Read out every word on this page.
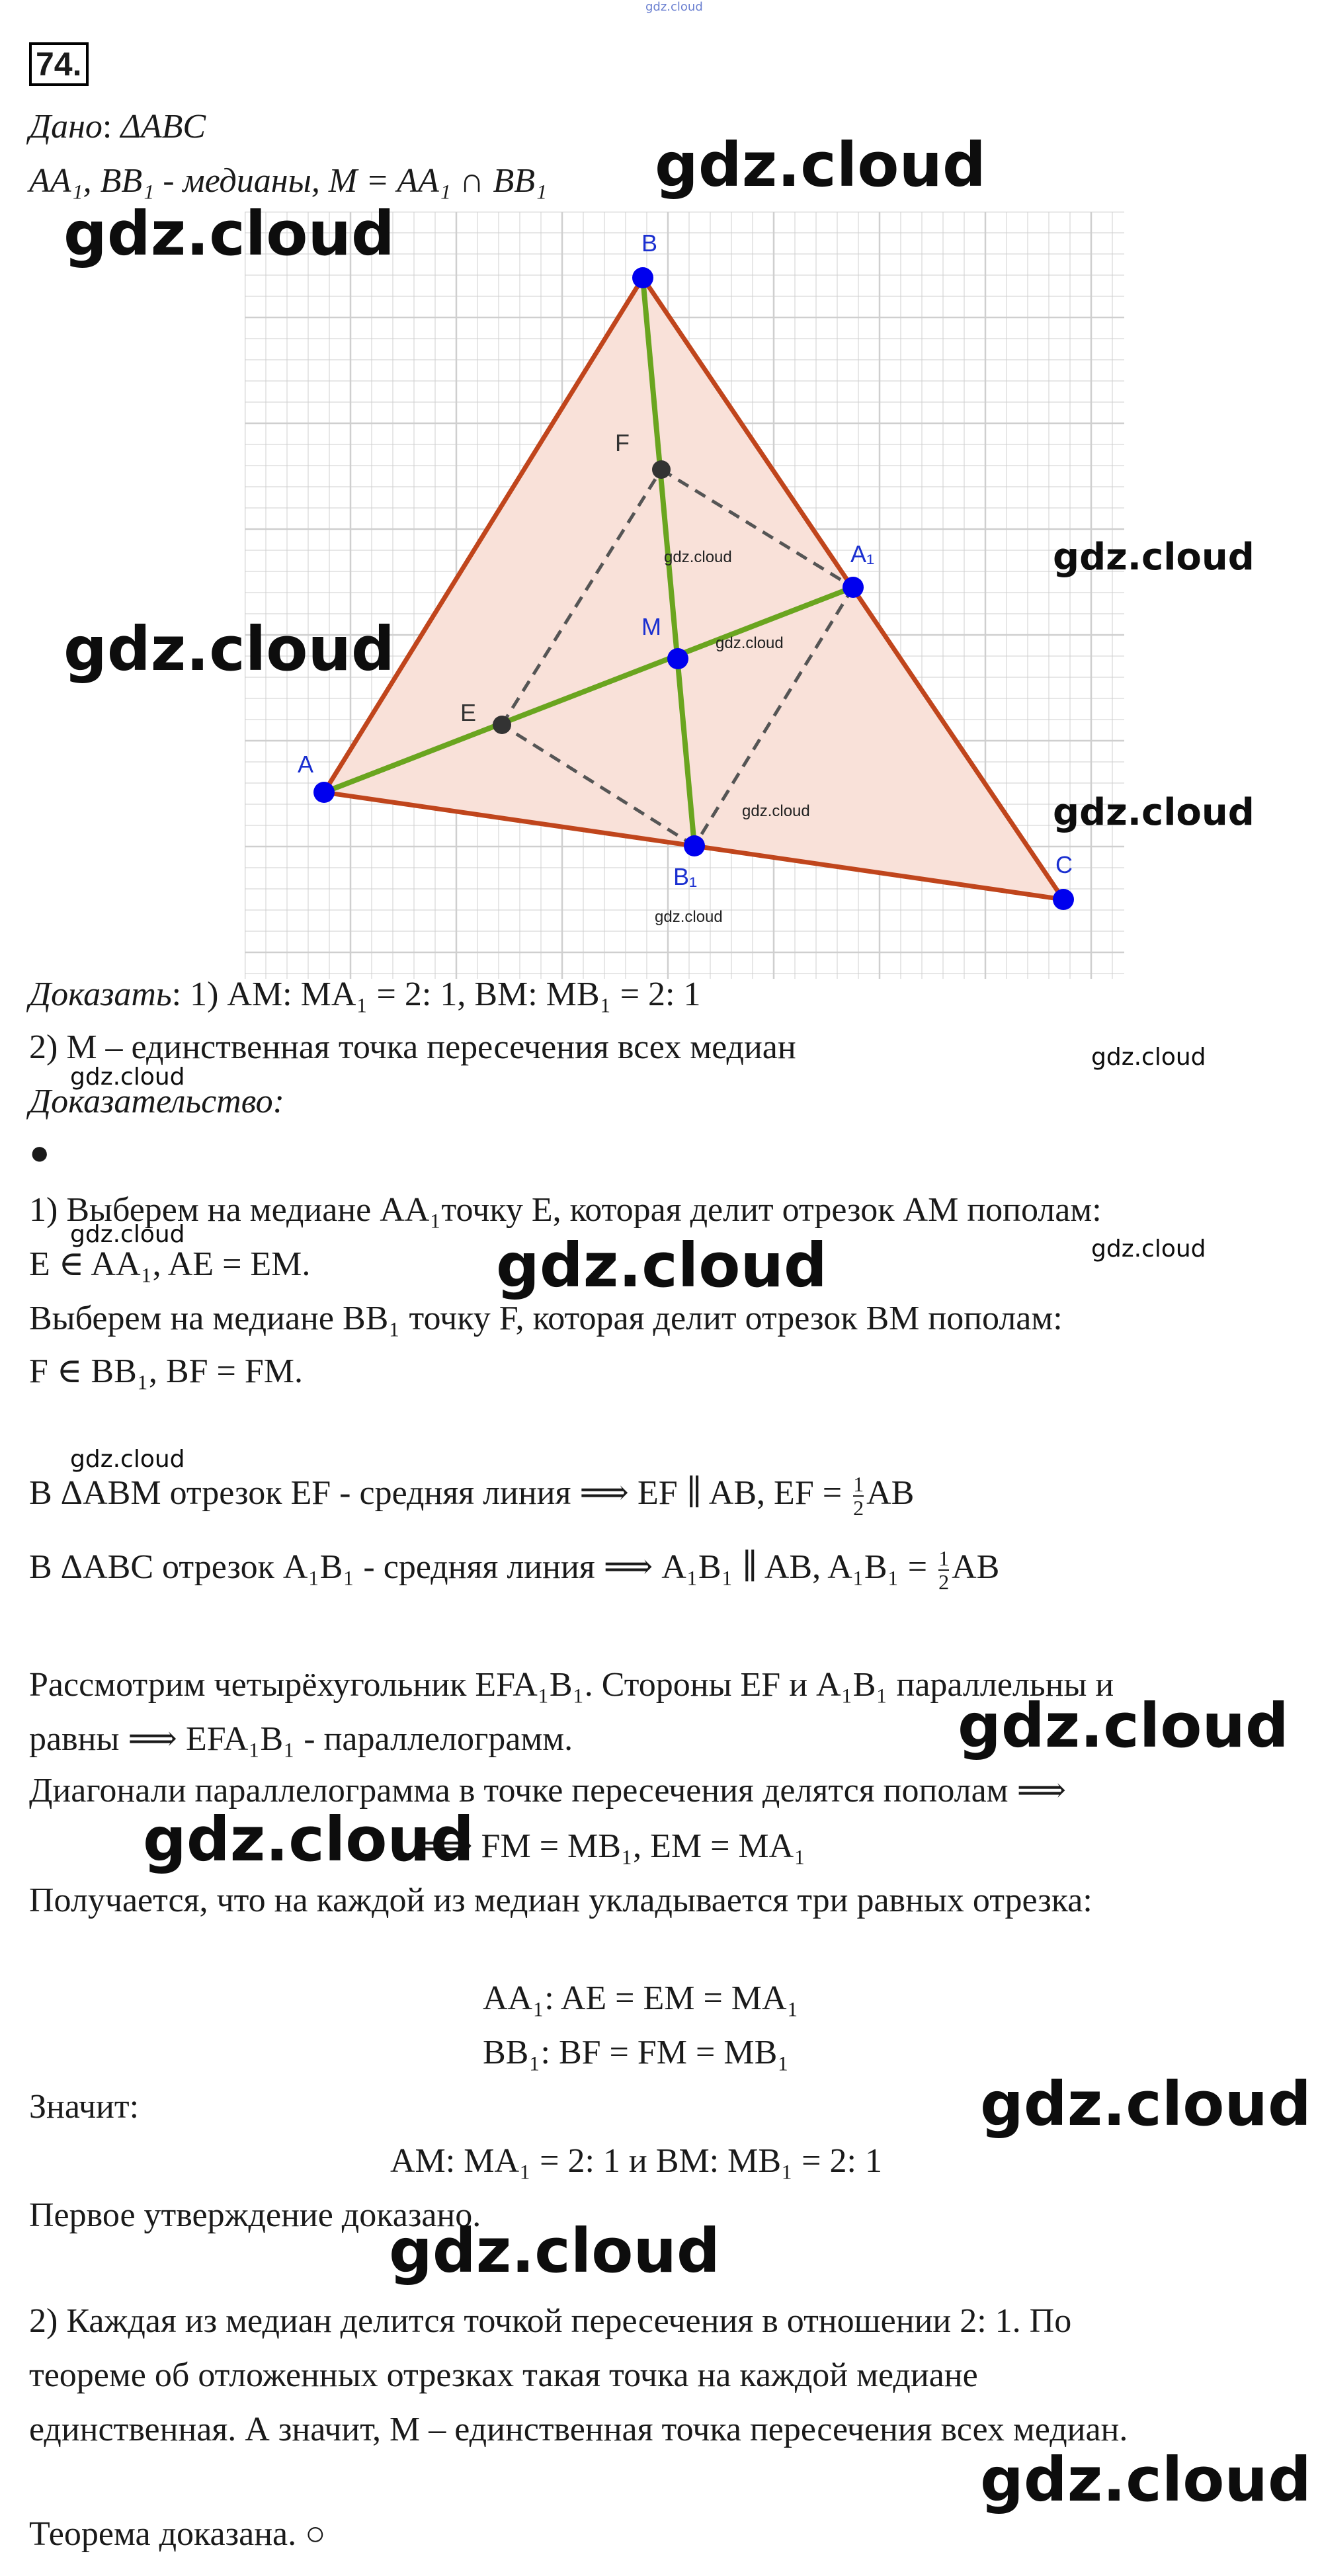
gdz.cloud
74.
Дано: ΔABC
AA₁, BB₁ - медианы, M = AA₁ ∩ BB₁
A
B
C
A₁
B₁
M
E
F
gdz.cloud
gdz.cloud
gdz.cloud
gdz.cloud
gdz.cloud
gdz.cloud
gdz.cloud
gdz.cloud
gdz.cloud
Доказать: 1) AM: MA₁ = 2: 1, BM: MB₁ = 2: 1
2) M – единственная точка пересечения всех медиан	gdz.cloud
gdz.cloud
Доказательство:
●
1) Выберем на медиане AA₁точку E, которая делит отрезок AM пополам:
gdz.cloud
gdz.cloud
E ∈ AA₁, AE = EM.	gdz.cloud
Выберем на медиане BB₁ точку F, которая делит отрезок BM пополам:
F ∈ BB₁, BF = FM.
gdz.cloud
В ΔABM отрезок EF - средняя линия ⟹ EF ∥ AB, EF = $\frac{1}{2}$ AB
В ΔABC отрезок A₁B₁ - средняя линия ⟹ A₁B₁ ∥ AB, $A_1B_1 = \frac{1}{2}$ AB
Рассмотрим четырёхугольник EFA₁B₁. Стороны EF и A₁B₁ параллельны и
равны ⟹ EFA₁B₁ - параллелограмм.	gdz.cloud
Диагонали параллелограмма в точке пересечения делятся пополам ⟹
⟹ FM = MB₁, EM = MA₁
gdz.cloud
Получается, что на каждой из медиан укладывается три равных отрезка:
AA₁: AE = EM = MA₁
BB₁: BF = FM = MB₁
Значит:	gdz.cloud
AM: MA₁ = 2: 1 и BM: MB₁ = 2: 1
Первое утверждение доказано.
gdz.cloud
2) Каждая из медиан делится точкой пересечения в отношении 2: 1. По
теореме об отложенных отрезках такая точка на каждой медиане
единственная. А значит, M – единственная точка пересечения всех медиан.
gdz.cloud
Теорема доказана. ○
